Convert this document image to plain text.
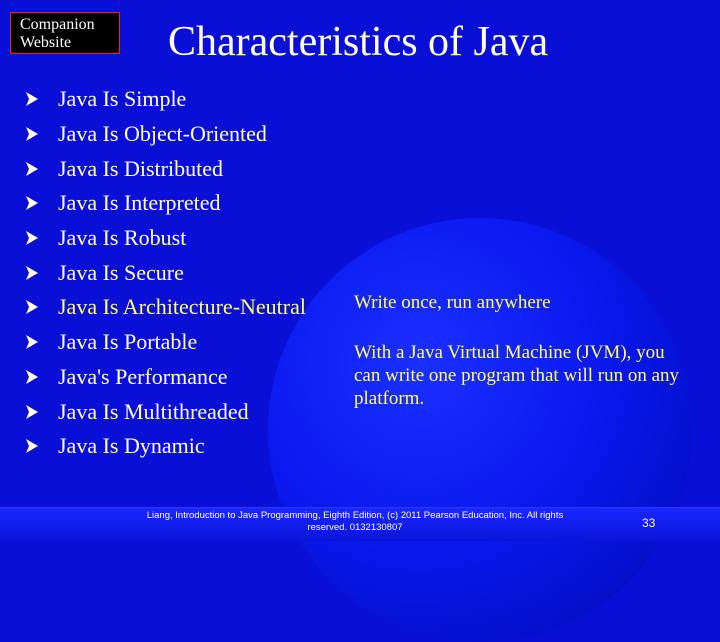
Companion
Website	Characteristics of Java
Java Is Simple
Java Is Object-Oriented
Java Is Distributed
Java Is Interpreted
Java Is Robust
Java Is Secure
Java Is Architecture-Neutral
Java Is Portable
Java's Performance
Java Is Multithreaded
Java Is Dynamic
Write once, run anywhere
With a Java Virtual Machine (JVM), you can write one program that will run on any platform.
Liang, Introduction to Java Programming, Eighth Edition, (c) 2011 Pearson Education, Inc. All rights reserved. 0132130807	33
